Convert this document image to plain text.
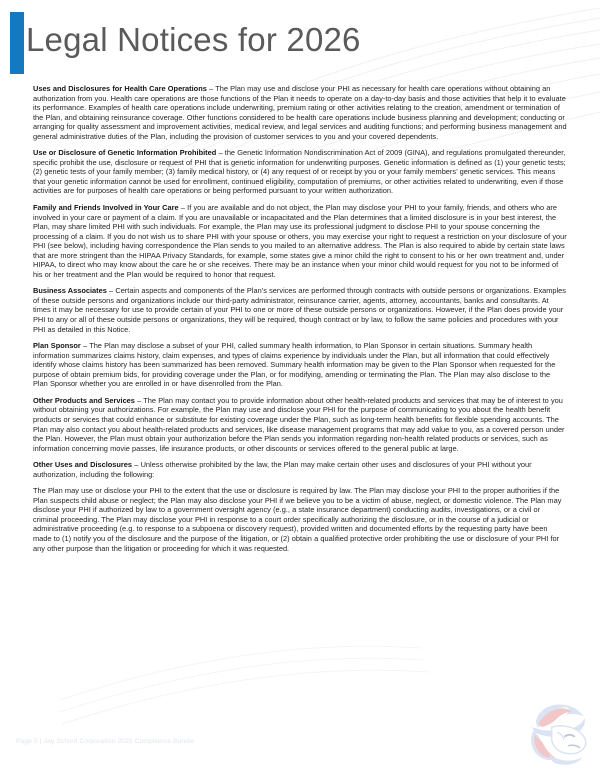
Legal Notices for 2026

Uses and Disclosures for Health Care Operations – The Plan may use and disclose your PHI as necessary for health care operations without obtaining an authorization from you. Health care operations are those functions of the Plan it needs to operate on a day-to-day basis and those activities that help it to evaluate its performance. Examples of health care operations include underwriting, premium rating or other activities relating to the creation, amendment or termination of the Plan, and obtaining reinsurance coverage. Other functions considered to be health care operations include business planning and development; conducting or arranging for quality assessment and improvement activities, medical review, and legal services and auditing functions; and performing business management and general administrative duties of the Plan, including the provision of customer services to you and your covered dependents.

Use or Disclosure of Genetic Information Prohibited – the Genetic Information Nondiscrimination Act of 2009 (GINA), and regulations promulgated thereunder, specific prohibit the use, disclosure or request of PHI that is genetic information for underwriting purposes. Genetic information is defined as (1) your genetic tests; (2) genetic tests of your family member; (3) family medical history, or (4) any request of or receipt by you or your family members’ genetic services. This means that your genetic information cannot be used for enrollment, continued eligibility, computation of premiums, or other activities related to underwriting, even if those activities are for purposes of health care operations or being performed pursuant to your written authorization.

Family and Friends Involved in Your Care – If you are available and do not object, the Plan may disclose your PHI to your family, friends, and others who are involved in your care or payment of a claim. If you are unavailable or incapacitated and the Plan determines that a limited disclosure is in your best interest, the Plan, may share limited PHI with such individuals. For example, the Plan may use its professional judgment to disclose PHI to your spouse concerning the processing of a claim. If you do not wish us to share PHI with your spouse or others, you may exercise your right to request a restriction on your disclosure of your PHI (see below), including having correspondence the Plan sends to you mailed to an alternative address. The Plan is also required to abide by certain state laws that are more stringent than the HIPAA Privacy Standards, for example, some states give a minor child the right to consent to his or her own treatment and, under HIPAA, to direct who may know about the care he or she receives. There may be an instance when your minor child would request for you not to be informed of his or her treatment and the Plan would be required to honor that request.

Business Associates – Certain aspects and components of the Plan’s services are performed through contracts with outside persons or organizations. Examples of these outside persons and organizations include our third-party administrator, reinsurance carrier, agents, attorney, accountants, banks and consultants. At times it may be necessary for use to provide certain of your PHI to one or more of these outside persons or organizations. However, if the Plan does provide your PHI to any or all of these outside persons or organizations, they will be required, though contract or by law, to follow the same policies and procedures with your PHI as detailed in this Notice.

Plan Sponsor – The Plan may disclose a subset of your PHI, called summary health information, to Plan Sponsor in certain situations. Summary health information summarizes claims history, claim expenses, and types of claims experience by individuals under the Plan, but all information that could effectively identify whose claims history has been summarized has been removed. Summary health information may be given to the Plan Sponsor when requested for the purpose of obtain premium bids, for providing coverage under the Plan, or for modifying, amending or terminating the Plan. The Plan may also disclose to the Plan Sponsor whether you are enrolled in or have disenrolled from the Plan.

Other Products and Services – The Plan may contact you to provide information about other health-related products and services that may be of interest to you without obtaining your authorizations. For example, the Plan may use and disclose your PHI for the purpose of communicating to you about the health benefit products or services that could enhance or substitute for existing coverage under the Plan, such as long-term health benefits for flexible spending accounts. The Plan may also contact you about health-related products and services, like disease management programs that may add value to you, as a covered person under the Plan. However, the Plan must obtain your authorization before the Plan sends you information regarding non-health related products or services, such as information concerning movie passes, life insurance products, or other discounts or services offered to the general public at large.

Other Uses and Disclosures – Unless otherwise prohibited by the law, the Plan may make certain other uses and disclosures of your PHI without your authorization, including the following:

The Plan may use or disclose your PHI to the extent that the use or disclosure is required by law. The Plan may disclose your PHI to the proper authorities if the Plan suspects child abuse or neglect; the Plan may also disclose your PHI if we believe you to be a victim of abuse, neglect, or domestic violence. The Plan may disclose your PHI if authorized by law to a government oversight agency (e.g., a state insurance department) conducting audits, investigations, or a civil or criminal proceeding. The Plan may disclose your PHI in response to a court order specifically authorizing the disclosure, or in the course of a judicial or administrative proceeding (e.g. to response to a subpoena or discovery request), provided written and documented efforts by the requesting party have been made to (1) notify you of the disclosure and the purpose of the litigation, or (2) obtain a qualified protective order prohibiting the use or disclosure of your PHI for any other purpose than the litigation or proceeding for which it was requested.

Page 5 | Jay School Corporation 2025 Compliance Bundle
